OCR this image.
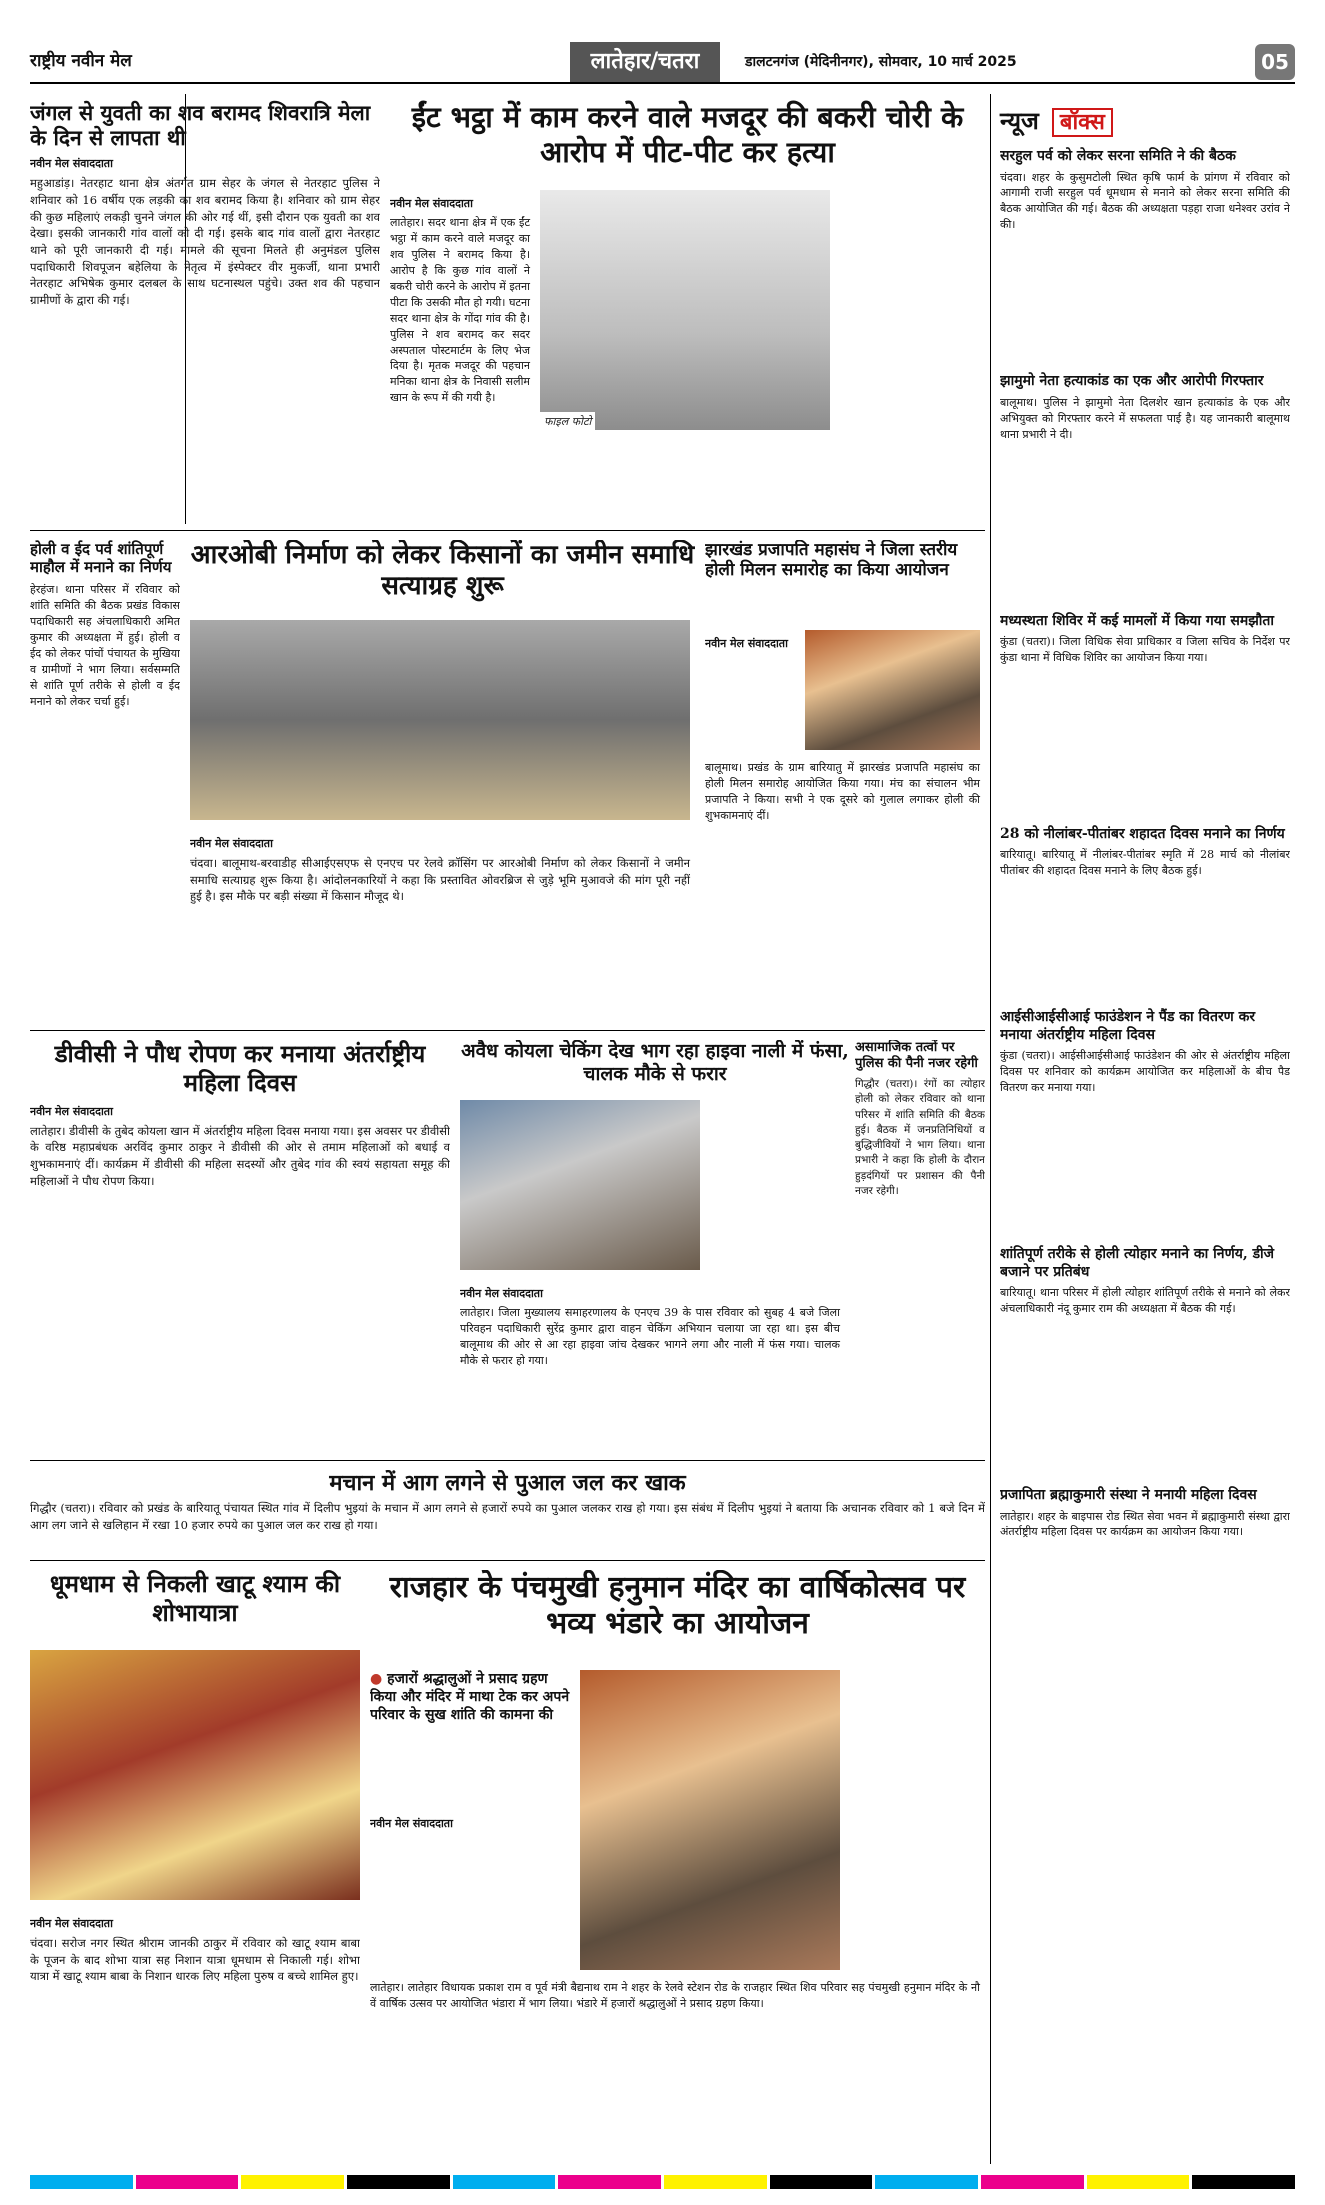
राष्ट्रीय नवीन मेल	लातेहार/चतरा	डालटनगंज (मेदिनीनगर), सोमवार, 10 मार्च 2025	05
जंगल से युवती का शव बरामद शिवरात्रि मेला के दिन से लापता थी
नवीन मेल संवाददाता
महुआडांड़। नेतरहाट थाना क्षेत्र अंतर्गत ग्राम सेहर के जंगल से नेतरहाट पुलिस ने शनिवार को 16 वर्षीय एक लड़की का शव बरामद किया है। शनिवार को ग्राम सेहर की कुछ महिलाएं लकड़ी चुनने जंगल की ओर गई थीं, इसी दौरान एक युवती का शव देखा। इसकी जानकारी गांव वालों को दी गई। इसके बाद गांव वालों द्वारा नेतरहाट थाने को पूरी जानकारी दी गई। मामले की सूचना मिलते ही अनुमंडल पुलिस पदाधिकारी शिवपूजन बहेलिया के नेतृत्व में इंस्पेक्टर वीर मुकर्जी, थाना प्रभारी नेतरहाट अभिषेक कुमार दलबल के साथ घटनास्थल पहुंचे। उक्त शव की पहचान ग्रामीणों के द्वारा की गई।
ईंट भट्ठा में काम करने वाले मजदूर की बकरी चोरी के आरोप में पीट-पीट कर हत्या
नवीन मेल संवाददाता
लातेहार। सदर थाना क्षेत्र में एक ईंट भट्ठा में काम करने वाले मजदूर का शव पुलिस ने बरामद किया है। आरोप है कि कुछ गांव वालों ने बकरी चोरी करने के आरोप में इतना पीटा कि उसकी मौत हो गयी। घटना सदर थाना क्षेत्र के गोंदा गांव की है। पुलिस ने शव बरामद कर सदर अस्पताल पोस्टमार्टम के लिए भेज दिया है। मृतक मजदूर की पहचान मनिका थाना क्षेत्र के निवासी सलीम खान के रूप में की गयी है।
फाइल फोटो
होली व ईद पर्व शांतिपूर्ण माहौल में मनाने का निर्णय
हेरहंज। थाना परिसर में रविवार को शांति समिति की बैठक प्रखंड विकास पदाधिकारी सह अंचलाधिकारी अमित कुमार की अध्यक्षता में हुई। होली व ईद को लेकर पांचों पंचायत के मुखिया व ग्रामीणों ने भाग लिया। सर्वसम्मति से शांति पूर्ण तरीके से होली व ईद मनाने को लेकर चर्चा हुई।
आरओबी निर्माण को लेकर किसानों का जमीन समाधि सत्याग्रह शुरू
नवीन मेल संवाददाता
चंदवा। बालूमाथ-बरवाडीह सीआईएसएफ से एनएच पर रेलवे क्रॉसिंग पर आरओबी निर्माण को लेकर किसानों ने जमीन समाधि सत्याग्रह शुरू किया है। आंदोलनकारियों ने कहा कि प्रस्तावित ओवरब्रिज से जुड़े भूमि मुआवजे की मांग पूरी नहीं हुई है। इस मौके पर बड़ी संख्या में किसान मौजूद थे।
झारखंड प्रजापति महासंघ ने जिला स्तरीय होली मिलन समारोह का किया आयोजन
नवीन मेल संवाददाता
बालूमाथ। प्रखंड के ग्राम बारियातु में झारखंड प्रजापति महासंघ का होली मिलन समारोह आयोजित किया गया। मंच का संचालन भीम प्रजापति ने किया। सभी ने एक दूसरे को गुलाल लगाकर होली की शुभकामनाएं दीं।
डीवीसी ने पौध रोपण कर मनाया अंतर्राष्ट्रीय महिला दिवस
नवीन मेल संवाददाता
लातेहार। डीवीसी के तुबेद कोयला खान में अंतर्राष्ट्रीय महिला दिवस मनाया गया। इस अवसर पर डीवीसी के वरिष्ठ महाप्रबंधक अरविंद कुमार ठाकुर ने डीवीसी की ओर से तमाम महिलाओं को बधाई व शुभकामनाएं दीं। कार्यक्रम में डीवीसी की महिला सदस्यों और तुबेद गांव की स्वयं सहायता समूह की महिलाओं ने पौध रोपण किया।
अवैध कोयला चेकिंग देख भाग रहा हाइवा नाली में फंसा, चालक मौके से फरार
नवीन मेल संवाददाता
लातेहार। जिला मुख्यालय समाहरणालय के एनएच 39 के पास रविवार को सुबह 4 बजे जिला परिवहन पदाधिकारी सुरेंद्र कुमार द्वारा वाहन चेकिंग अभियान चलाया जा रहा था। इस बीच बालूमाथ की ओर से आ रहा हाइवा जांच देखकर भागने लगा और नाली में फंस गया। चालक मौके से फरार हो गया।
असामाजिक तत्वों पर पुलिस की पैनी नजर रहेगी
गिद्धौर (चतरा)। रंगों का त्योहार होली को लेकर रविवार को थाना परिसर में शांति समिति की बैठक हुई। बैठक में जनप्रतिनिधियों व बुद्धिजीवियों ने भाग लिया। थाना प्रभारी ने कहा कि होली के दौरान हुड़दंगियों पर प्रशासन की पैनी नजर रहेगी।
मचान में आग लगने से पुआल जल कर खाक
गिद्धौर (चतरा)। रविवार को प्रखंड के बारियातू पंचायत स्थित गांव में दिलीप भुइयां के मचान में आग लगने से हजारों रुपये का पुआल जलकर राख हो गया। इस संबंध में दिलीप भुइयां ने बताया कि अचानक रविवार को 1 बजे दिन में आग लग जाने से खलिहान में रखा 10 हजार रुपये का पुआल जल कर राख हो गया।
धूमधाम से निकली खाटू श्याम की शोभायात्रा
नवीन मेल संवाददाता
चंदवा। सरोज नगर स्थित श्रीराम जानकी ठाकुर में रविवार को खाटू श्याम बाबा के पूजन के बाद शोभा यात्रा सह निशान यात्रा धूमधाम से निकाली गई। शोभा यात्रा में खाटू श्याम बाबा के निशान धारक लिए महिला पुरुष व बच्चे शामिल हुए।
राजहार के पंचमुखी हनुमान मंदिर का वार्षिकोत्सव पर भव्य भंडारे का आयोजन
● हजारों श्रद्धालुओं ने प्रसाद ग्रहण किया और मंदिर में माथा टेक कर अपने परिवार के सुख शांति की कामना की
नवीन मेल संवाददाता
लातेहार। लातेहार विधायक प्रकाश राम व पूर्व मंत्री बैद्यनाथ राम ने शहर के रेलवे स्टेशन रोड के राजहार स्थित शिव परिवार सह पंचमुखी हनुमान मंदिर के नौ वें वार्षिक उत्सव पर आयोजित भंडारा में भाग लिया। भंडारे में हजारों श्रद्धालुओं ने प्रसाद ग्रहण किया।
न्यूज बॉक्स
सरहुल पर्व को लेकर सरना समिति ने की बैठक
चंदवा। शहर के कुसुमटोली स्थित कृषि फार्म के प्रांगण में रविवार को आगामी राजी सरहुल पर्व धूमधाम से मनाने को लेकर सरना समिति की बैठक आयोजित की गई। बैठक की अध्यक्षता पड़हा राजा धनेश्वर उरांव ने की।
झामुमो नेता हत्याकांड का एक और आरोपी गिरफ्तार
बालूमाथ। पुलिस ने झामुमो नेता दिलशेर खान हत्याकांड के एक और अभियुक्त को गिरफ्तार करने में सफलता पाई है। यह जानकारी बालूमाथ थाना प्रभारी ने दी।
मध्यस्थता शिविर में कई मामलों में किया गया समझौता
कुंडा (चतरा)। जिला विधिक सेवा प्राधिकार व जिला सचिव के निर्देश पर कुंडा थाना में विधिक शिविर का आयोजन किया गया।
28 को नीलांबर-पीतांबर शहादत दिवस मनाने का निर्णय
बारियातू। बारियातू में नीलांबर-पीतांबर स्मृति में 28 मार्च को नीलांबर पीतांबर की शहादत दिवस मनाने के लिए बैठक हुई।
आईसीआईसीआई फाउंडेशन ने पैंड का वितरण कर मनाया अंतर्राष्ट्रीय महिला दिवस
कुंडा (चतरा)। आईसीआईसीआई फाउंडेशन की ओर से अंतर्राष्ट्रीय महिला दिवस पर शनिवार को कार्यक्रम आयोजित कर महिलाओं के बीच पैड वितरण कर मनाया गया।
शांतिपूर्ण तरीके से होली त्योहार मनाने का निर्णय, डीजे बजाने पर प्रतिबंध
बारियातू। थाना परिसर में होली त्योहार शांतिपूर्ण तरीके से मनाने को लेकर अंचलाधिकारी नंदू कुमार राम की अध्यक्षता में बैठक की गई।
प्रजापिता ब्रह्माकुमारी संस्था ने मनायी महिला दिवस
लातेहार। शहर के बाइपास रोड स्थित सेवा भवन में ब्रह्माकुमारी संस्था द्वारा अंतर्राष्ट्रीय महिला दिवस पर कार्यक्रम का आयोजन किया गया।
